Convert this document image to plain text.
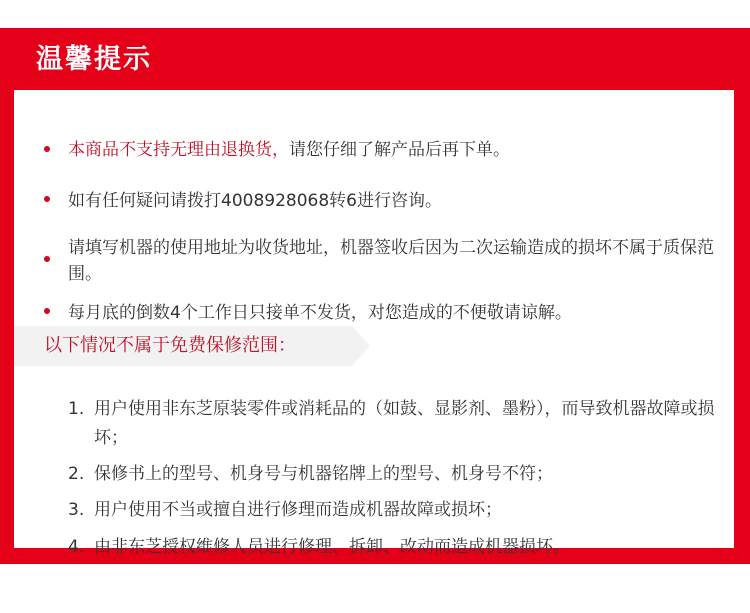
温馨提示
本商品不支持无理由退换货，请您仔细了解产品后再下单。
如有任何疑问请拨打4008928068转6进行咨询。
请填写机器的使用地址为收货地址，机器签收后因为二次运输造成的损坏不属于质保范围。
每月底的倒数4个工作日只接单不发货，对您造成的不便敬请谅解。
以下情况不属于免费保修范围：
1. 用户使用非东芝原装零件或消耗品的（如鼓、显影剂、墨粉），而导致机器故障或损坏；
2. 保修书上的型号、机身号与机器铭牌上的型号、机身号不符；
3. 用户使用不当或擅自进行修理而造成机器故障或损坏；
4. 由非东芝授权维修人员进行修理、拆卸、改动而造成机器损坏。
